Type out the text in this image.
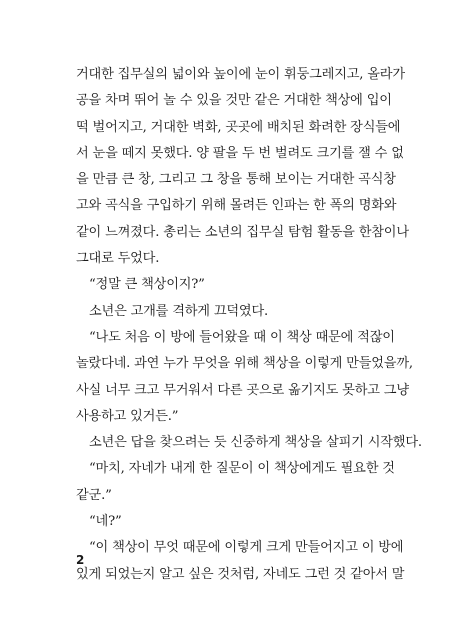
거대한 집무실의 넓이와 높이에 눈이 휘둥그레지고, 올라가
공을 차며 뛰어 놀 수 있을 것만 같은 거대한 책상에 입이
떡 벌어지고, 거대한 벽화, 곳곳에 배치된 화려한 장식들에
서 눈을 떼지 못했다. 양 팔을 두 번 벌려도 크기를 잴 수 없
을 만큼 큰 창, 그리고 그 창을 통해 보이는 거대한 곡식창
고와 곡식을 구입하기 위해 몰려든 인파는 한 폭의 명화와
같이 느껴졌다. 총리는 소년의 집무실 탐험 활동을 한참이나
그대로 두었다.
“정말 큰 책상이지?”
소년은 고개를 격하게 끄덕였다.
“나도 처음 이 방에 들어왔을 때 이 책상 때문에 적잖이
놀랐다네. 과연 누가 무엇을 위해 책상을 이렇게 만들었을까,
사실 너무 크고 무거워서 다른 곳으로 옮기지도 못하고 그냥
사용하고 있거든.”
소년은 답을 찾으려는 듯 신중하게 책상을 살피기 시작했다.
“마치, 자네가 내게 한 질문이 이 책상에게도 필요한 것
같군.”
“네?”
“이 책상이 무엇 때문에 이렇게 크게 만들어지고 이 방에
있게 되었는지 알고 싶은 것처럼, 자네도 그런 것 같아서 말
2
